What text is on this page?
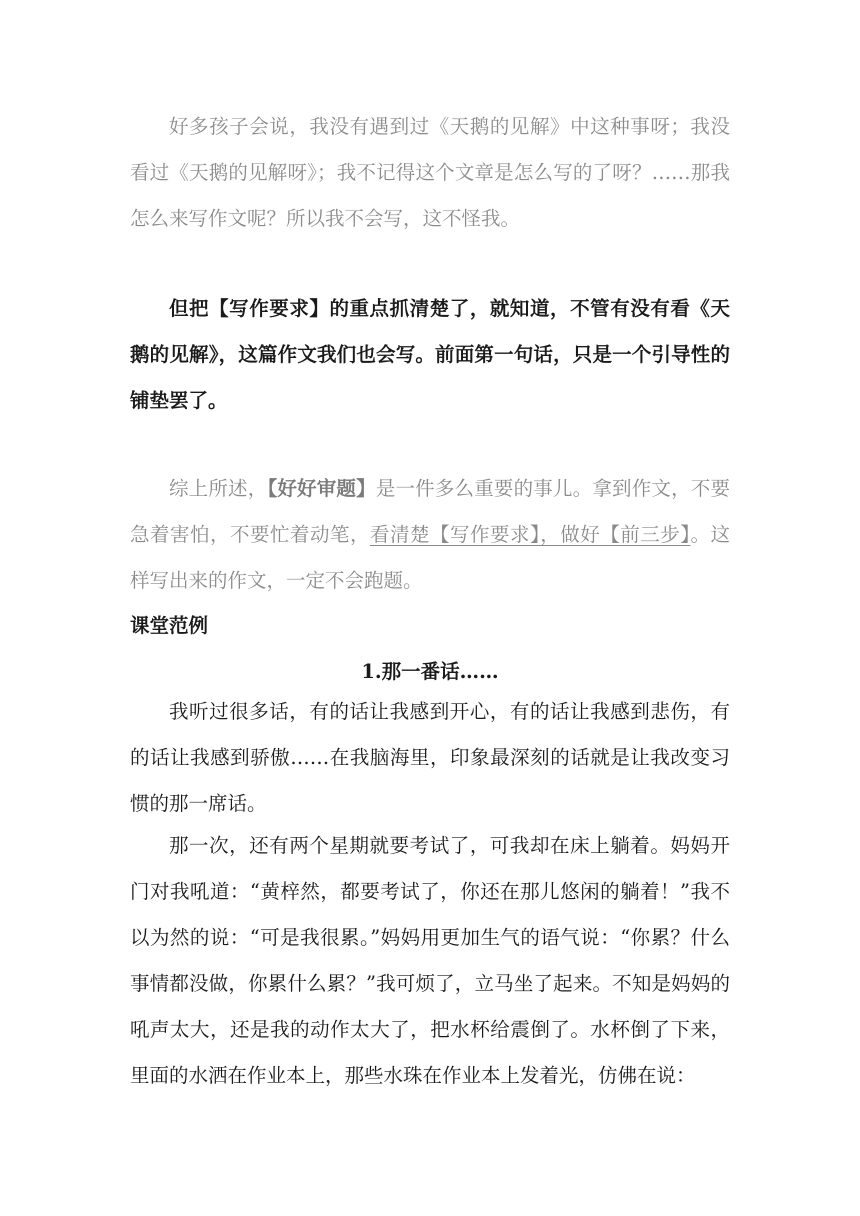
好多孩子会说，我没有遇到过《天鹅的见解》中这种事呀；我没看过《天鹅的见解呀》；我不记得这个文章是怎么写的了呀？……那我怎么来写作文呢？所以我不会写，这不怪我。

但把【写作要求】的重点抓清楚了，就知道，不管有没有看《天鹅的见解》，这篇作文我们也会写。前面第一句话，只是一个引导性的铺垫罢了。

综上所述，【好好审题】是一件多么重要的事儿。拿到作文，不要急着害怕，不要忙着动笔，看清楚【写作要求】，做好【前三步】。这样写出来的作文，一定不会跑题。

课堂范例

1.那一番话……

我听过很多话，有的话让我感到开心，有的话让我感到悲伤，有的话让我感到骄傲……在我脑海里，印象最深刻的话就是让我改变习惯的那一席话。

那一次，还有两个星期就要考试了，可我却在床上躺着。妈妈开门对我吼道：“黄梓然，都要考试了，你还在那儿悠闲的躺着！”我不以为然的说：“可是我很累。”妈妈用更加生气的语气说：“你累？什么事情都没做，你累什么累？”我可烦了，立马坐了起来。不知是妈妈的吼声太大，还是我的动作太大了，把水杯给震倒了。水杯倒了下来，里面的水洒在作业本上，那些水珠在作业本上发着光，仿佛在说：
